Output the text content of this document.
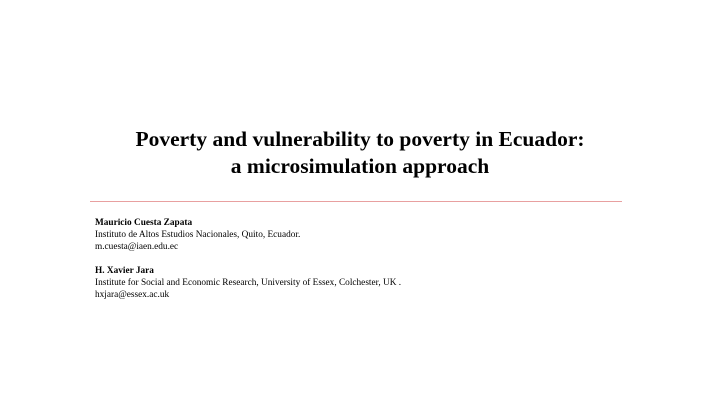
Poverty and vulnerability to poverty in Ecuador:
a microsimulation approach
Mauricio Cuesta Zapata
Instituto de Altos Estudios Nacionales, Quito, Ecuador.
m.cuesta@iaen.edu.ec
H. Xavier Jara
Institute for Social and Economic Research, University of Essex, Colchester, UK .
hxjara@essex.ac.uk
